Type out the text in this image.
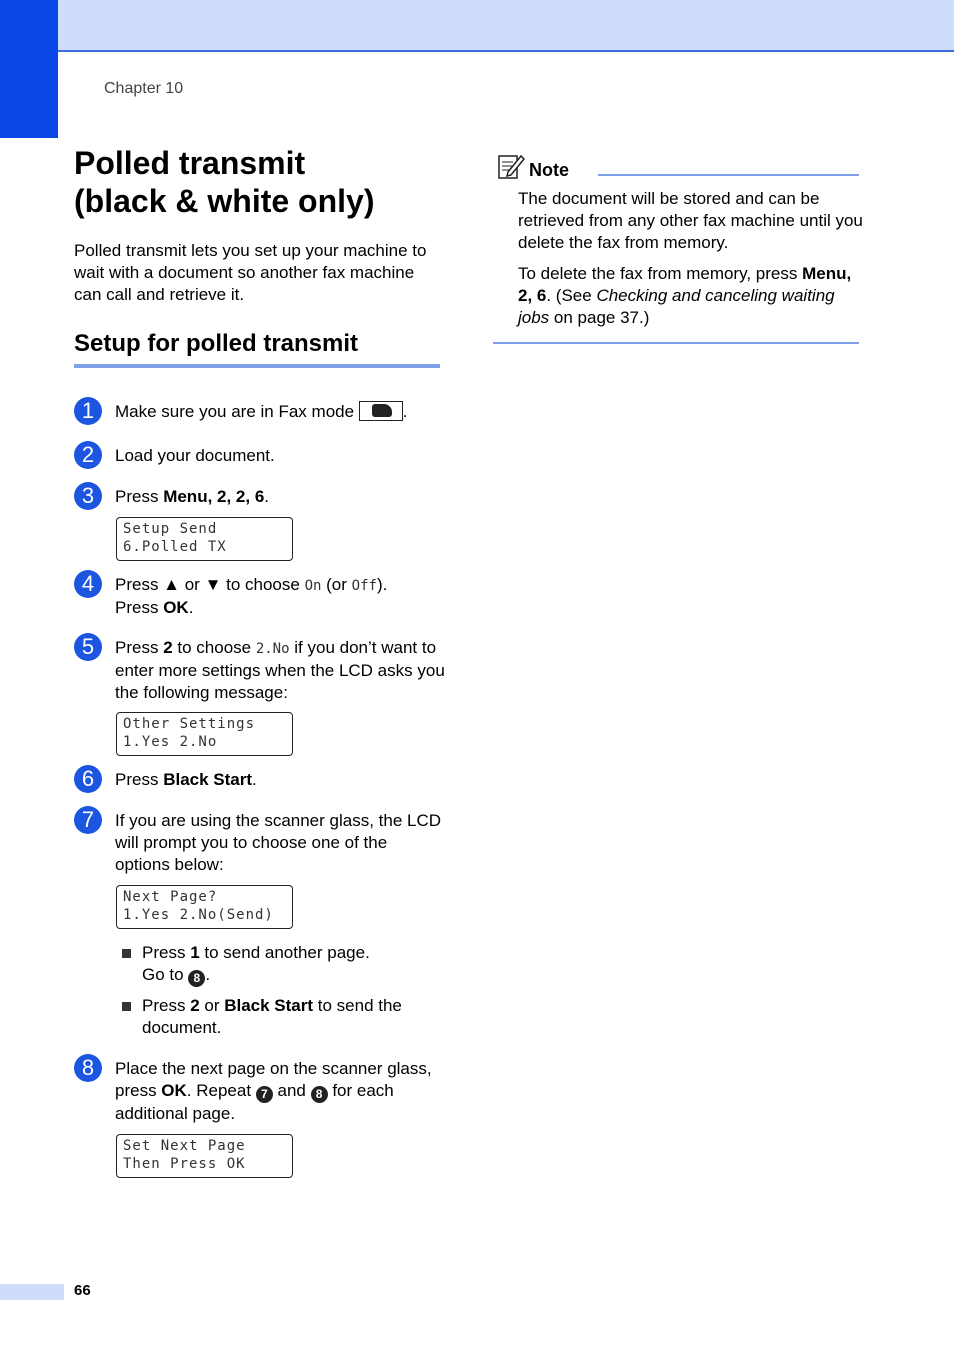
Chapter 10
Polled transmit
(black & white only)

Polled transmit lets you set up your machine to wait with a document so another fax machine can call and retrieve it.

Setup for polled transmit
1	Make sure you are in Fax mode	.
2	Load your document.
3	Press Menu, 2, 2, 6.
Setup Send
6.Polled TX
4	Press ▲ or ▼ to choose On (or Off).
Press OK.
5	Press 2 to choose 2.No if you don’t want to enter more settings when the LCD asks you the following message:
Other Settings
1.Yes 2.No
6	Press Black Start.
7	If you are using the scanner glass, the LCD will prompt you to choose one of the options below:
Next Page?
1.Yes 2.No(Send)
Press 1 to send another page.
Go to 8 .
Press 2 or Black Start to send the document.
8	Place the next page on the scanner glass, press OK. Repeat 7 and 8 for each additional page.
Set Next Page
Then Press OK
Note

The document will be stored and can be retrieved from any other fax machine until you delete the fax from memory.

To delete the fax from memory, press Menu, 2, 6. (See Checking and canceling waiting jobs on page 37.)

66
